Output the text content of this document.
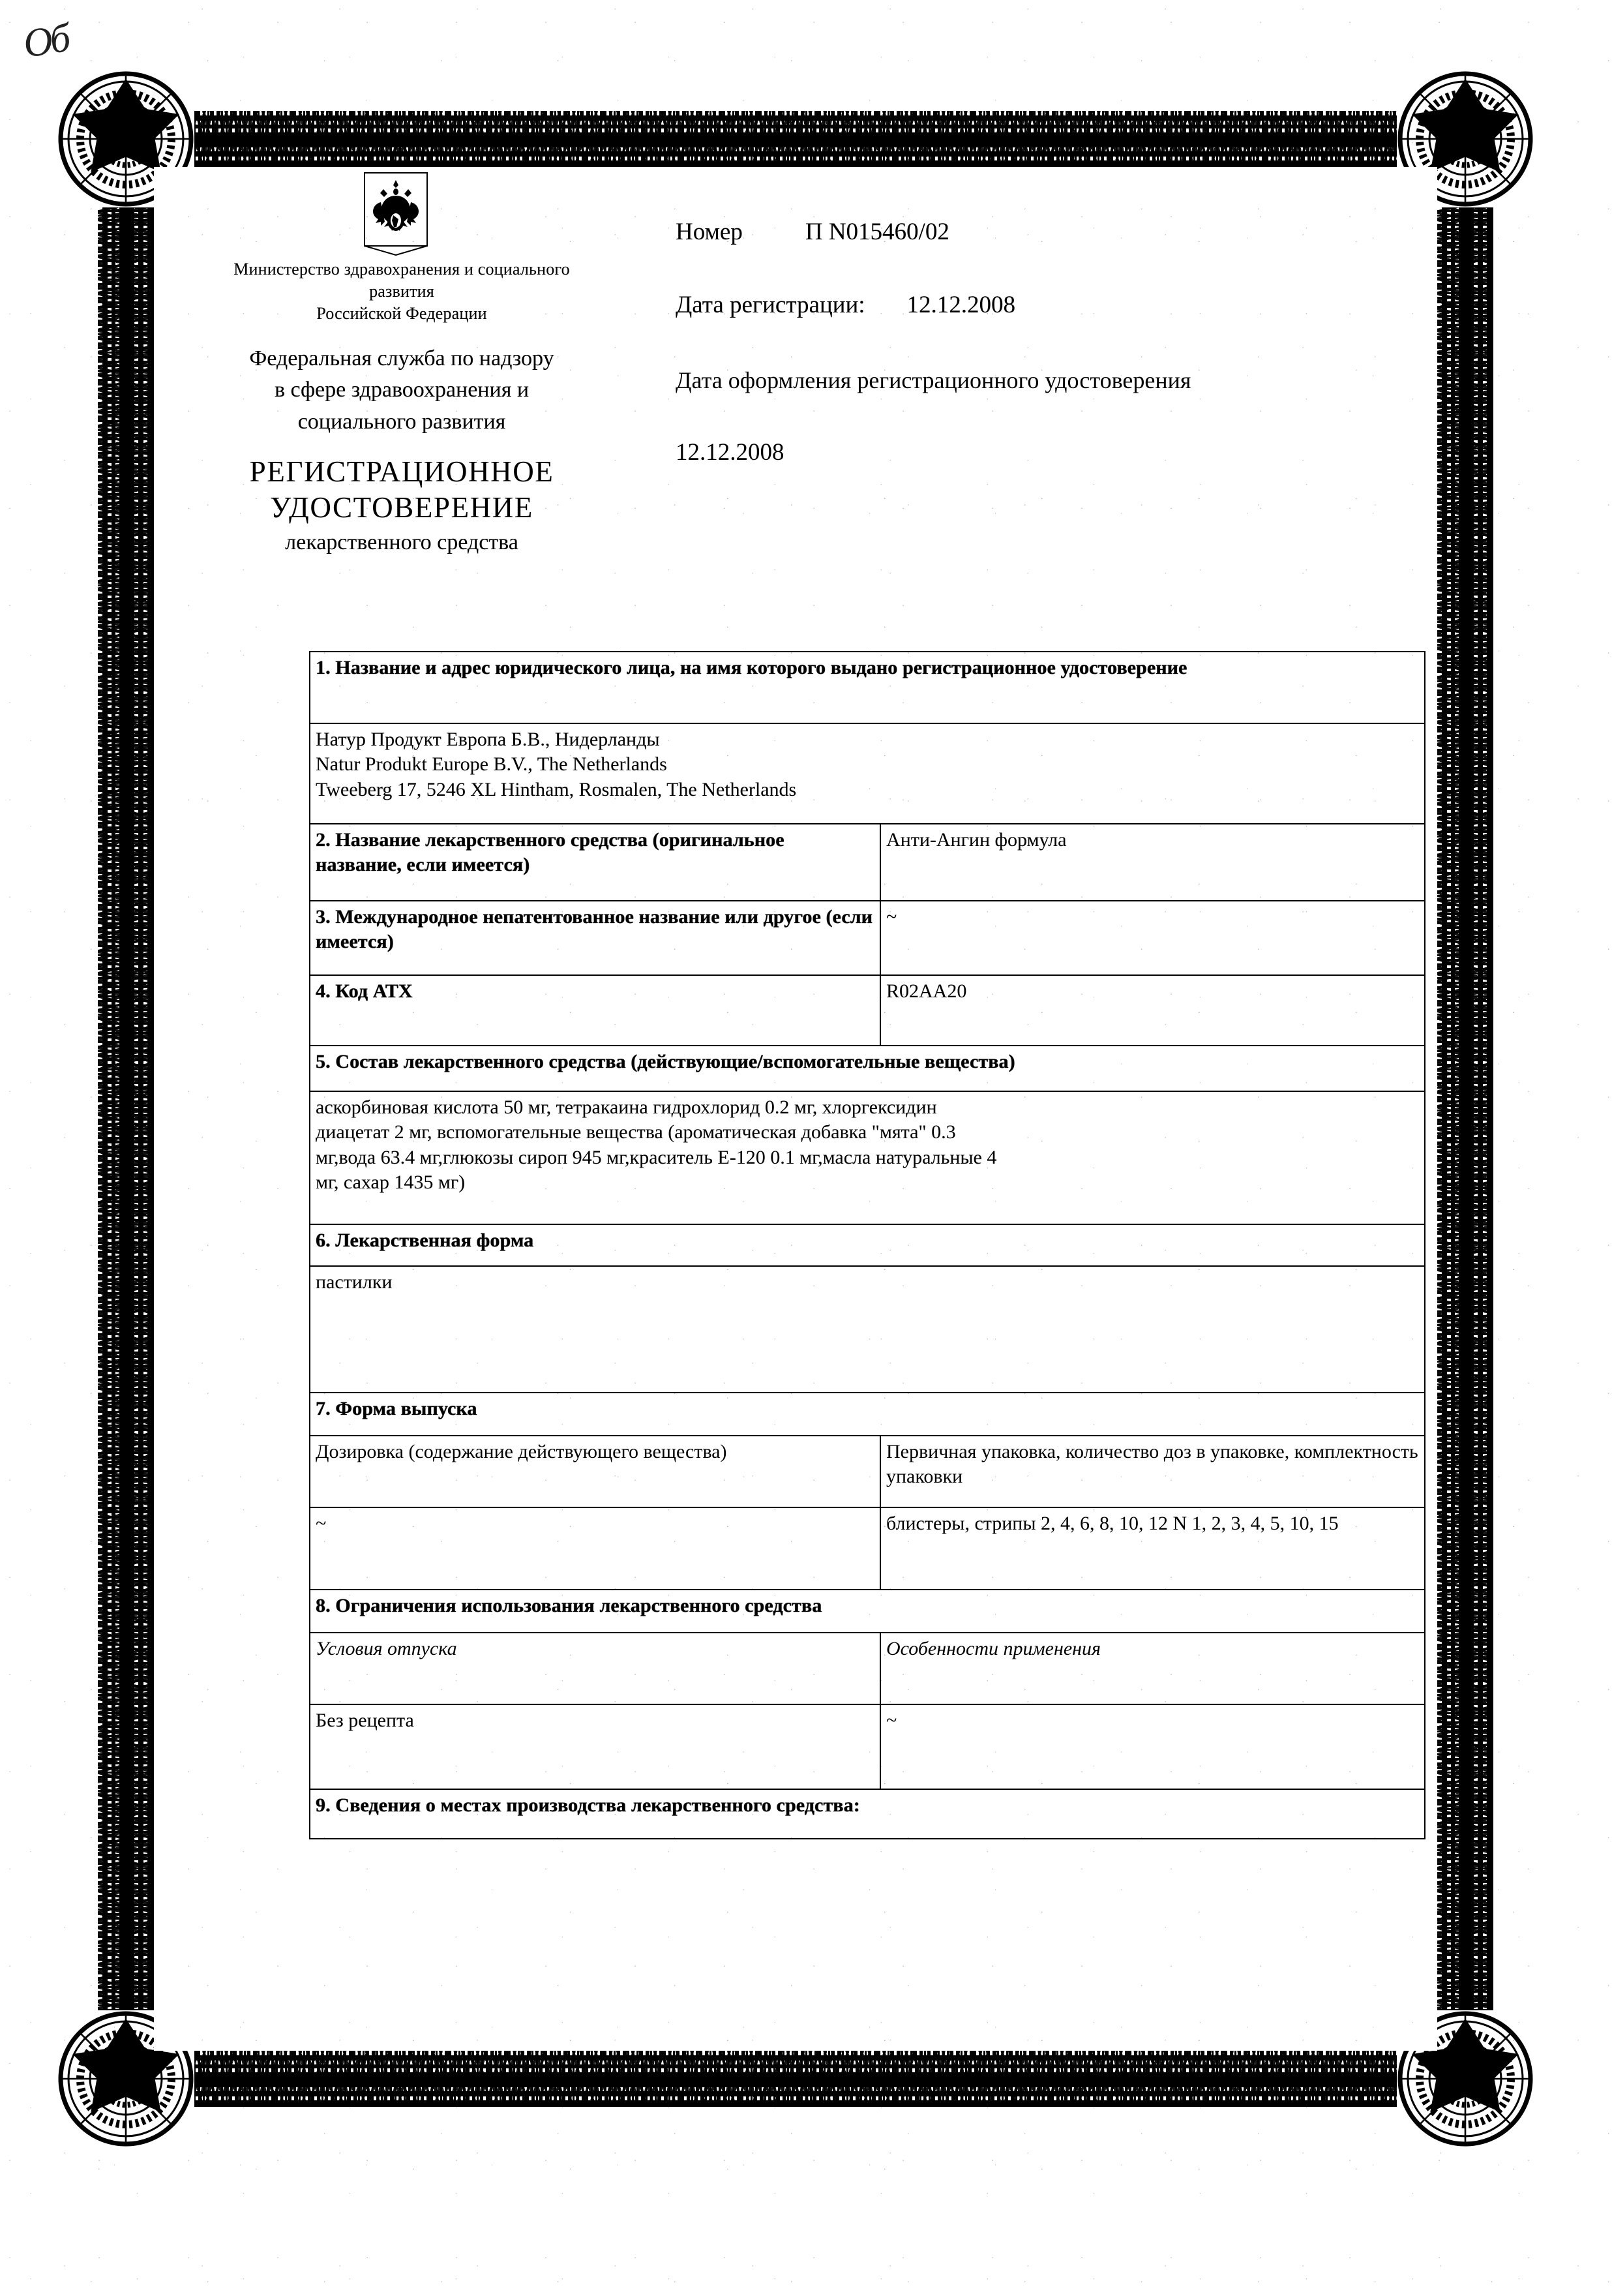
Об
Министерство здравохранения и социального
развития
Российской Федерации
Федеральная служба по надзору
в сфере здравоохранения и
социального развития
РЕГИСТРАЦИОННОЕ
УДОСТОВЕРЕНИЕ
лекарственного средства
Номер	П N015460/02
Дата регистрации: 12.12.2008
Дата оформления регистрационного удостоверения
12.12.2008
1. Название и адрес юридического лица, на имя которого выдано регистрационное удостоверение	

Натур Продукт Европа Б.В., Нидерланды
Natur Produkt Europe B.V., The Netherlands
Tweeberg 17, 5246 XL Hintham, Rosmalen, The Netherlands	

2. Название лекарственного средства (оригинальное название, если имеется)	Анти-Ангин формула
3. Международное непатентованное название или другое (если имеется)	~
4. Код АТХ	R02AA20
5. Состав лекарственного средства (действующие/вспомогательные вещества)	

аскорбиновая кислота 50 мг, тетракаина гидрохлорид 0.2 мг, хлоргексидин
диацетат 2 мг, вспомогательные вещества (ароматическая добавка "мята" 0.3
мг,вода 63.4 мг,глюкозы сироп 945 мг,краситель Е-120 0.1 мг,масла натуральные 4
мг, сахар 1435 мг)	

6. Лекарственная форма	
пастилки	
7. Форма выпуска	
Дозировка (содержание действующего вещества)	Первичная упаковка, количество доз в упаковке, комплектность упаковки
~	блистеры, стрипы 2, 4, 6, 8, 10, 12 N 1, 2, 3, 4, 5, 10, 15
8. Ограничения использования лекарственного средства	
Условия отпуска	Особенности применения
Без рецепта	~
9. Сведения о местах производства лекарственного средства:	
